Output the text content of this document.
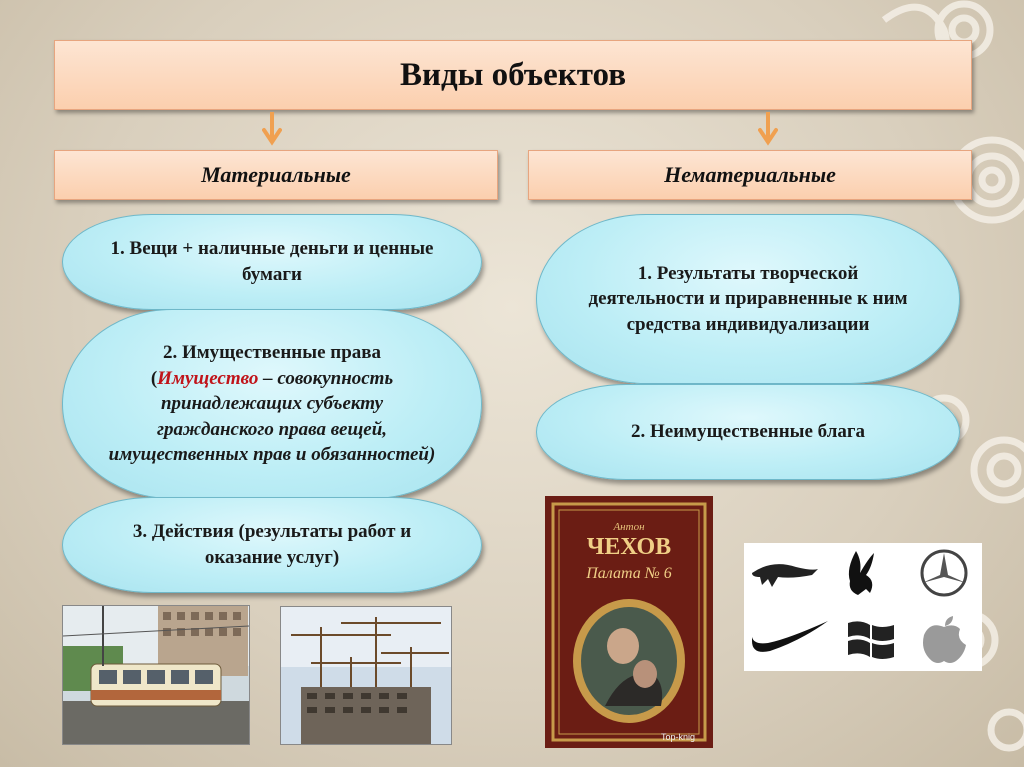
Виды объектов
Материальные	Нематериальные
1. Вещи + наличные деньги и ценные бумаги
2. Имущественные права
(Имущество – совокупность принадлежащих субъекту гражданского права вещей, имущественных прав и обязанностей)
3. Действия (результаты работ и оказание услуг)
1. Результаты творческой деятельности и приравненные к ним средства индивидуализации
2. Неимущественные блага
Антон
ЧЕХОВ
Палата № 6
Top-knig
